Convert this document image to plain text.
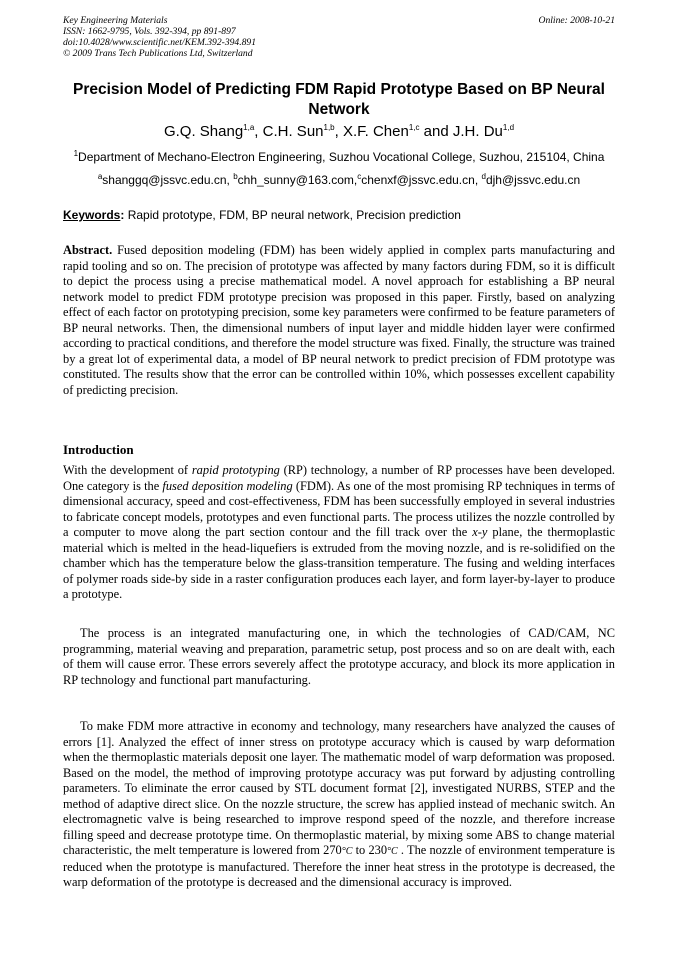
Key Engineering Materials
ISSN: 1662-9795, Vols. 392-394, pp 891-897
doi:10.4028/www.scientific.net/KEM.392-394.891
© 2009 Trans Tech Publications Ltd, Switzerland
Online: 2008-10-21
Precision Model of Predicting FDM Rapid Prototype Based on BP Neural Network
G.Q. Shang$^{1,a}$, C.H. Sun$^{1,b}$, X.F. Chen$^{1,c}$ and J.H. Du$^{1,d}$
$^1$Department of Mechano-Electron Engineering, Suzhou Vocational College, Suzhou, 215104, China
$^a$shanggq@jssvc.edu.cn, $^b$chh_sunny@163.com,$^c$chenxf@jssvc.edu.cn, $^d$djh@jssvc.edu.cn
Keywords: Rapid prototype, FDM, BP neural network, Precision prediction

Abstract. Fused deposition modeling (FDM) has been widely applied in complex parts manufacturing and rapid tooling and so on. The precision of prototype was affected by many factors during FDM, so it is difficult to depict the process using a precise mathematical model. A novel approach for establishing a BP neural network model to predict FDM prototype precision was proposed in this paper. Firstly, based on analyzing effect of each factor on prototyping precision, some key parameters were confirmed to be feature parameters of BP neural networks. Then, the dimensional numbers of input layer and middle hidden layer were confirmed according to practical conditions, and therefore the model structure was fixed. Finally, the structure was trained by a great lot of experimental data, a model of BP neural network to predict precision of FDM prototype was constituted. The results show that the error can be controlled within 10%, which possesses excellent capability of predicting precision.

Introduction

With the development of rapid prototyping (RP) technology, a number of RP processes have been developed. One category is the fused deposition modeling (FDM). As one of the most promising RP techniques in terms of dimensional accuracy, speed and cost-effectiveness, FDM has been successfully employed in several industries to fabricate concept models, prototypes and even functional parts. The process utilizes the nozzle controlled by a computer to move along the part section contour and the fill track over the x-y plane, the thermoplastic material which is melted in the head-liquefiers is extruded from the moving nozzle, and is re-solidified on the chamber which has the temperature below the glass-transition temperature. The fusing and welding interfaces of polymer roads side-by side in a raster configuration produces each layer, and form layer-by-layer to produce a prototype.

The process is an integrated manufacturing one, in which the technologies of CAD/CAM, NC programming, material weaving and preparation, parametric setup, post process and so on are dealt with, each of them will cause error. These errors severely affect the prototype accuracy, and block its more application in RP technology and functional part manufacturing.

To make FDM more attractive in economy and technology, many researchers have analyzed the causes of errors [1]. Analyzed the effect of inner stress on prototype accuracy which is caused by warp deformation when the thermoplastic materials deposit one layer. The mathematic model of warp deformation was proposed. Based on the model, the method of improving prototype accuracy was put forward by adjusting controlling parameters. To eliminate the error caused by STL document format [2], investigated NURBS, STEP and the method of adaptive direct slice. On the nozzle structure, the screw has applied instead of mechanic switch. An electromagnetic valve is being researched to improve respond speed of the nozzle, and therefore increase filling speed and decrease prototype time. On thermoplastic material, by mixing some ABS to change material characteristic, the melt temperature is lowered from 270°C to 230°C . The nozzle of environment temperature is reduced when the prototype is manufactured. Therefore the inner heat stress in the prototype is decreased, the warp deformation of the prototype is decreased and the dimensional accuracy is improved.
